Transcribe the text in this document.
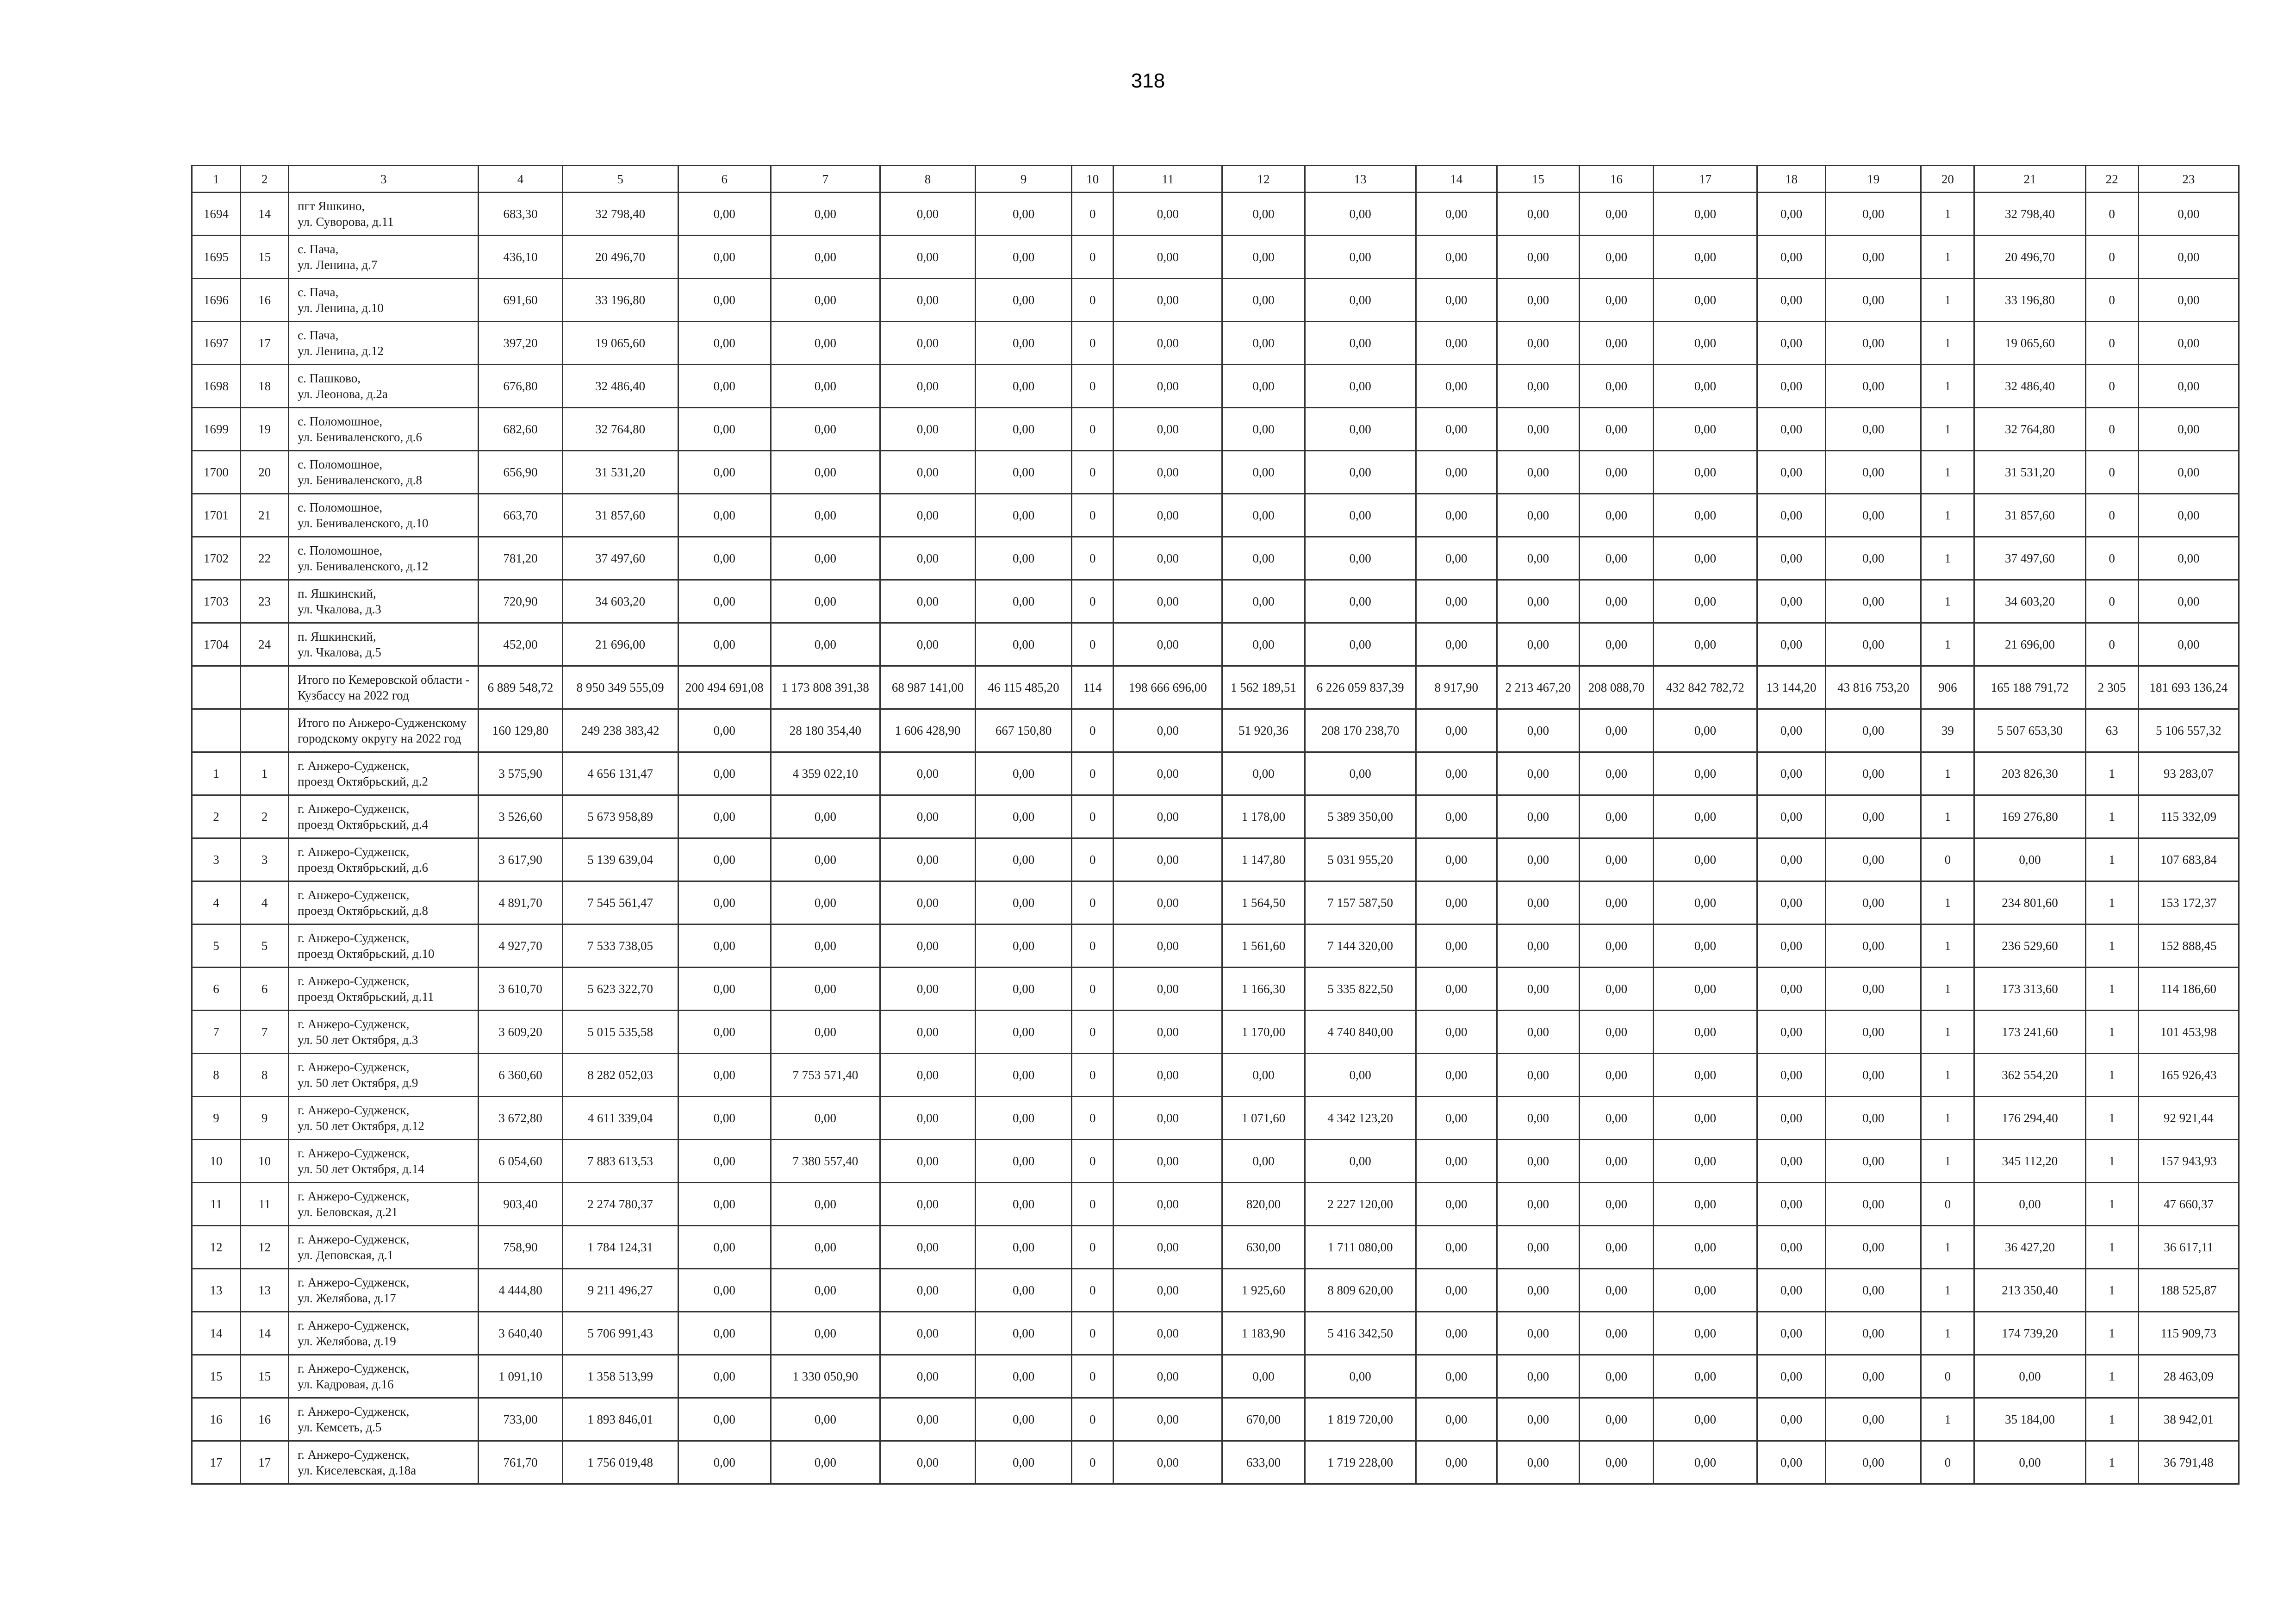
318
1	2	3	4	5	6	7	8	9	10	11	12	13	14	15	16	17	18	19	20	21	22	23
1694	14	пгт Яшкино,
ул. Суворова, д.11	683,30	32 798,40	0,00	0,00	0,00	0,00	0	0,00	0,00	0,00	0,00	0,00	0,00	0,00	0,00	0,00	1	32 798,40	0	0,00
1695	15	с. Пача,
ул. Ленина, д.7	436,10	20 496,70	0,00	0,00	0,00	0,00	0	0,00	0,00	0,00	0,00	0,00	0,00	0,00	0,00	0,00	1	20 496,70	0	0,00
1696	16	с. Пача,
ул. Ленина, д.10	691,60	33 196,80	0,00	0,00	0,00	0,00	0	0,00	0,00	0,00	0,00	0,00	0,00	0,00	0,00	0,00	1	33 196,80	0	0,00
1697	17	с. Пача,
ул. Ленина, д.12	397,20	19 065,60	0,00	0,00	0,00	0,00	0	0,00	0,00	0,00	0,00	0,00	0,00	0,00	0,00	0,00	1	19 065,60	0	0,00
1698	18	с. Пашково,
ул. Леонова, д.2а	676,80	32 486,40	0,00	0,00	0,00	0,00	0	0,00	0,00	0,00	0,00	0,00	0,00	0,00	0,00	0,00	1	32 486,40	0	0,00
1699	19	с. Поломошное,
ул. Бениваленского, д.6	682,60	32 764,80	0,00	0,00	0,00	0,00	0	0,00	0,00	0,00	0,00	0,00	0,00	0,00	0,00	0,00	1	32 764,80	0	0,00
1700	20	с. Поломошное,
ул. Бениваленского, д.8	656,90	31 531,20	0,00	0,00	0,00	0,00	0	0,00	0,00	0,00	0,00	0,00	0,00	0,00	0,00	0,00	1	31 531,20	0	0,00
1701	21	с. Поломошное,
ул. Бениваленского, д.10	663,70	31 857,60	0,00	0,00	0,00	0,00	0	0,00	0,00	0,00	0,00	0,00	0,00	0,00	0,00	0,00	1	31 857,60	0	0,00
1702	22	с. Поломошное,
ул. Бениваленского, д.12	781,20	37 497,60	0,00	0,00	0,00	0,00	0	0,00	0,00	0,00	0,00	0,00	0,00	0,00	0,00	0,00	1	37 497,60	0	0,00
1703	23	п. Яшкинский,
ул. Чкалова, д.3	720,90	34 603,20	0,00	0,00	0,00	0,00	0	0,00	0,00	0,00	0,00	0,00	0,00	0,00	0,00	0,00	1	34 603,20	0	0,00
1704	24	п. Яшкинский,
ул. Чкалова, д.5	452,00	21 696,00	0,00	0,00	0,00	0,00	0	0,00	0,00	0,00	0,00	0,00	0,00	0,00	0,00	0,00	1	21 696,00	0	0,00
		Итого по Кемеровской области -
Кузбассу на 2022 год	6 889 548,72	8 950 349 555,09	200 494 691,08	1 173 808 391,38	68 987 141,00	46 115 485,20	114	198 666 696,00	1 562 189,51	6 226 059 837,39	8 917,90	2 213 467,20	208 088,70	432 842 782,72	13 144,20	43 816 753,20	906	165 188 791,72	2 305	181 693 136,24
		Итого по Анжеро-Судженскому
городскому округу на 2022 год	160 129,80	249 238 383,42	0,00	28 180 354,40	1 606 428,90	667 150,80	0	0,00	51 920,36	208 170 238,70	0,00	0,00	0,00	0,00	0,00	0,00	39	5 507 653,30	63	5 106 557,32
1	1	г. Анжеро-Судженск,
проезд Октябрьский, д.2	3 575,90	4 656 131,47	0,00	4 359 022,10	0,00	0,00	0	0,00	0,00	0,00	0,00	0,00	0,00	0,00	0,00	0,00	1	203 826,30	1	93 283,07
2	2	г. Анжеро-Судженск,
проезд Октябрьский, д.4	3 526,60	5 673 958,89	0,00	0,00	0,00	0,00	0	0,00	1 178,00	5 389 350,00	0,00	0,00	0,00	0,00	0,00	0,00	1	169 276,80	1	115 332,09
3	3	г. Анжеро-Судженск,
проезд Октябрьский, д.6	3 617,90	5 139 639,04	0,00	0,00	0,00	0,00	0	0,00	1 147,80	5 031 955,20	0,00	0,00	0,00	0,00	0,00	0,00	0	0,00	1	107 683,84
4	4	г. Анжеро-Судженск,
проезд Октябрьский, д.8	4 891,70	7 545 561,47	0,00	0,00	0,00	0,00	0	0,00	1 564,50	7 157 587,50	0,00	0,00	0,00	0,00	0,00	0,00	1	234 801,60	1	153 172,37
5	5	г. Анжеро-Судженск,
проезд Октябрьский, д.10	4 927,70	7 533 738,05	0,00	0,00	0,00	0,00	0	0,00	1 561,60	7 144 320,00	0,00	0,00	0,00	0,00	0,00	0,00	1	236 529,60	1	152 888,45
6	6	г. Анжеро-Судженск,
проезд Октябрьский, д.11	3 610,70	5 623 322,70	0,00	0,00	0,00	0,00	0	0,00	1 166,30	5 335 822,50	0,00	0,00	0,00	0,00	0,00	0,00	1	173 313,60	1	114 186,60
7	7	г. Анжеро-Судженск,
ул. 50 лет Октября, д.3	3 609,20	5 015 535,58	0,00	0,00	0,00	0,00	0	0,00	1 170,00	4 740 840,00	0,00	0,00	0,00	0,00	0,00	0,00	1	173 241,60	1	101 453,98
8	8	г. Анжеро-Судженск,
ул. 50 лет Октября, д.9	6 360,60	8 282 052,03	0,00	7 753 571,40	0,00	0,00	0	0,00	0,00	0,00	0,00	0,00	0,00	0,00	0,00	0,00	1	362 554,20	1	165 926,43
9	9	г. Анжеро-Судженск,
ул. 50 лет Октября, д.12	3 672,80	4 611 339,04	0,00	0,00	0,00	0,00	0	0,00	1 071,60	4 342 123,20	0,00	0,00	0,00	0,00	0,00	0,00	1	176 294,40	1	92 921,44
10	10	г. Анжеро-Судженск,
ул. 50 лет Октября, д.14	6 054,60	7 883 613,53	0,00	7 380 557,40	0,00	0,00	0	0,00	0,00	0,00	0,00	0,00	0,00	0,00	0,00	0,00	1	345 112,20	1	157 943,93
11	11	г. Анжеро-Судженск,
ул. Беловская, д.21	903,40	2 274 780,37	0,00	0,00	0,00	0,00	0	0,00	820,00	2 227 120,00	0,00	0,00	0,00	0,00	0,00	0,00	0	0,00	1	47 660,37
12	12	г. Анжеро-Судженск,
ул. Деповская, д.1	758,90	1 784 124,31	0,00	0,00	0,00	0,00	0	0,00	630,00	1 711 080,00	0,00	0,00	0,00	0,00	0,00	0,00	1	36 427,20	1	36 617,11
13	13	г. Анжеро-Судженск,
ул. Желябова, д.17	4 444,80	9 211 496,27	0,00	0,00	0,00	0,00	0	0,00	1 925,60	8 809 620,00	0,00	0,00	0,00	0,00	0,00	0,00	1	213 350,40	1	188 525,87
14	14	г. Анжеро-Судженск,
ул. Желябова, д.19	3 640,40	5 706 991,43	0,00	0,00	0,00	0,00	0	0,00	1 183,90	5 416 342,50	0,00	0,00	0,00	0,00	0,00	0,00	1	174 739,20	1	115 909,73
15	15	г. Анжеро-Судженск,
ул. Кадровая, д.16	1 091,10	1 358 513,99	0,00	1 330 050,90	0,00	0,00	0	0,00	0,00	0,00	0,00	0,00	0,00	0,00	0,00	0,00	0	0,00	1	28 463,09
16	16	г. Анжеро-Судженск,
ул. Кемсеть, д.5	733,00	1 893 846,01	0,00	0,00	0,00	0,00	0	0,00	670,00	1 819 720,00	0,00	0,00	0,00	0,00	0,00	0,00	1	35 184,00	1	38 942,01
17	17	г. Анжеро-Судженск,
ул. Киселевская, д.18а	761,70	1 756 019,48	0,00	0,00	0,00	0,00	0	0,00	633,00	1 719 228,00	0,00	0,00	0,00	0,00	0,00	0,00	0	0,00	1	36 791,48
